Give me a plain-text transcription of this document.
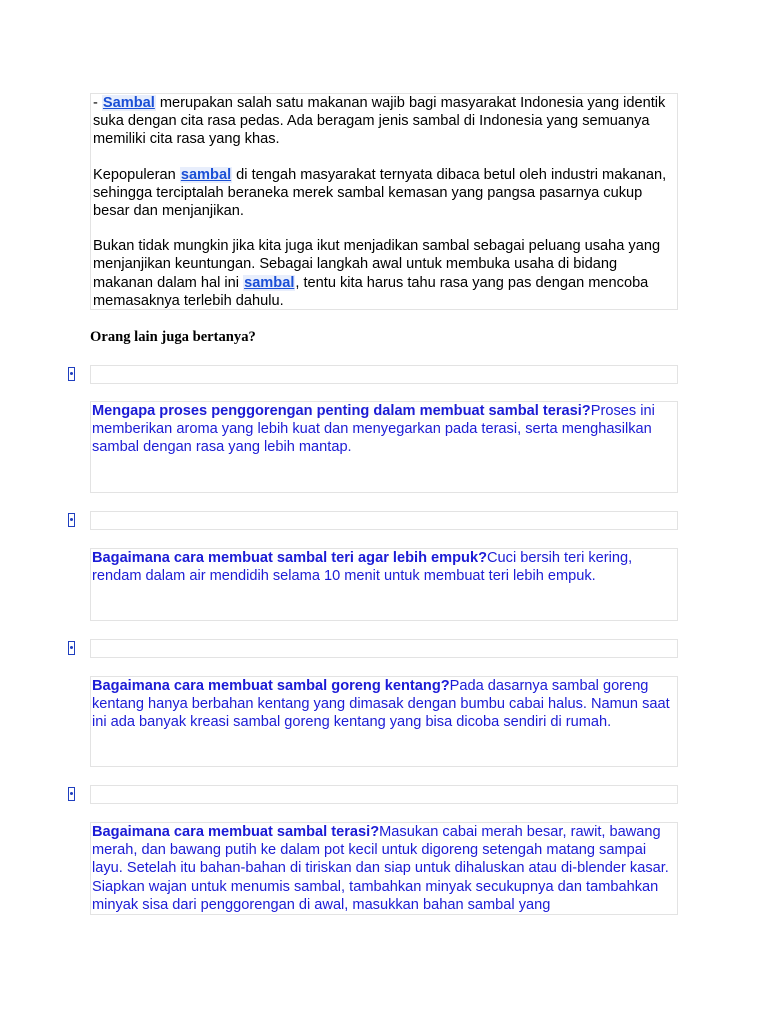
- Sambal merupakan salah satu makanan wajib bagi masyarakat Indonesia yang identik suka dengan cita rasa pedas. Ada beragam jenis sambal di Indonesia yang semuanya memiliki cita rasa yang khas.

Kepopuleran sambal di tengah masyarakat ternyata dibaca betul oleh industri makanan, sehingga terciptalah beraneka merek sambal kemasan yang pangsa pasarnya cukup besar dan menjanjikan.

Bukan tidak mungkin jika kita juga ikut menjadikan sambal sebagai peluang usaha yang menjanjikan keuntungan. Sebagai langkah awal untuk membuka usaha di bidang makanan dalam hal ini sambal, tentu kita harus tahu rasa yang pas dengan mencoba memasaknya terlebih dahulu.

Orang lain juga bertanya?

Mengapa proses penggorengan penting dalam membuat sambal terasi?Proses ini memberikan aroma yang lebih kuat dan menyegarkan pada terasi, serta menghasilkan sambal dengan rasa yang lebih mantap.
Bagaimana cara membuat sambal teri agar lebih empuk?Cuci bersih teri kering, rendam dalam air mendidih selama 10 menit untuk membuat teri lebih empuk.
Bagaimana cara membuat sambal goreng kentang?Pada dasarnya sambal goreng kentang hanya berbahan kentang yang dimasak dengan bumbu cabai halus. Namun saat ini ada banyak kreasi sambal goreng kentang yang bisa dicoba sendiri di rumah.
Bagaimana cara membuat sambal terasi?Masukan cabai merah besar, rawit, bawang merah, dan bawang putih ke dalam pot kecil untuk digoreng setengah matang sampai layu. Setelah itu bahan-bahan di tiriskan dan siap untuk dihaluskan atau di-blender kasar. Siapkan wajan untuk menumis sambal, tambahkan minyak secukupnya dan tambahkan minyak sisa dari penggorengan di awal, masukkan bahan sambal yang
